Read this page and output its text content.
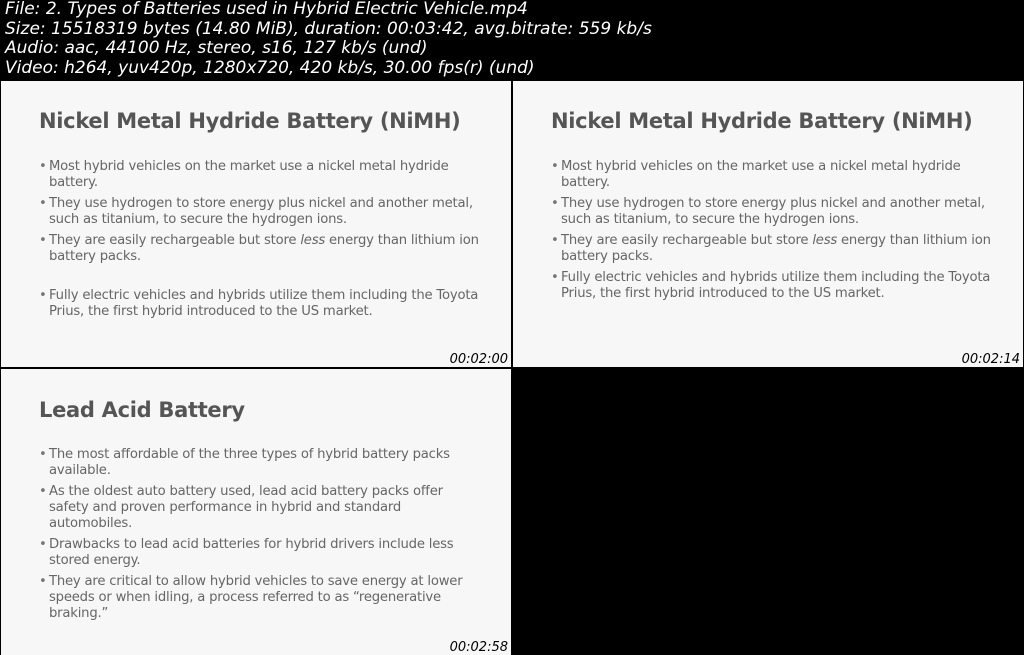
File: 2. Types of Batteries used in Hybrid Electric Vehicle.mp4
Size: 15518319 bytes (14.80 MiB), duration: 00:03:42, avg.bitrate: 559 kb/s
Audio: aac, 44100 Hz, stereo, s16, 127 kb/s (und)
Video: h264, yuv420p, 1280x720, 420 kb/s, 30.00 fps(r) (und)
Nickel Metal Hydride Battery (NiMH)
• Most hybrid vehicles on the market use a nickel metal hydride battery.
• They use hydrogen to store energy plus nickel and another metal, such as titanium, to secure the hydrogen ions.
• They are easily rechargeable but store less energy than lithium ion battery packs.
• Fully electric vehicles and hybrids utilize them including the Toyota Prius, the first hybrid introduced to the US market.
00:02:00
Nickel Metal Hydride Battery (NiMH)
• Most hybrid vehicles on the market use a nickel metal hydride battery.
• They use hydrogen to store energy plus nickel and another metal, such as titanium, to secure the hydrogen ions.
• They are easily rechargeable but store less energy than lithium ion battery packs.
• Fully electric vehicles and hybrids utilize them including the Toyota Prius, the first hybrid introduced to the US market.
00:02:14
Lead Acid Battery
• The most affordable of the three types of hybrid battery packs available.
• As the oldest auto battery used, lead acid battery packs offer safety and proven performance in hybrid and standard automobiles.
• Drawbacks to lead acid batteries for hybrid drivers include less stored energy.
• They are critical to allow hybrid vehicles to save energy at lower speeds or when idling, a process referred to as “regenerative braking.”
00:02:58
